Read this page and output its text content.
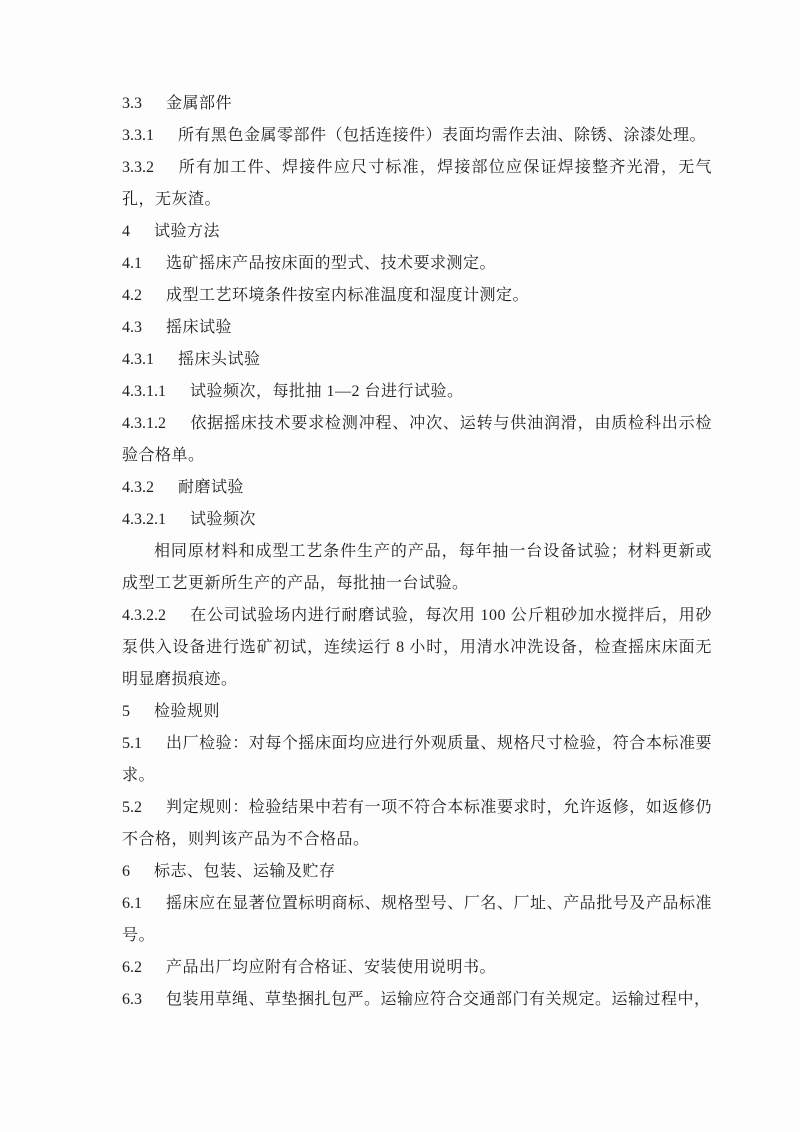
3.3 金属部件
3.3.1 所有黑色金属零部件（包括连接件）表面均需作去油、除锈、涂漆处理。
3.3.2 所有加工件、焊接件应尺寸标准，焊接部位应保证焊接整齐光滑，无气孔，无灰渣。
4 试验方法
4.1 选矿摇床产品按床面的型式、技术要求测定。
4.2 成型工艺环境条件按室内标准温度和湿度计测定。
4.3 摇床试验
4.3.1 摇床头试验
4.3.1.1 试验频次，每批抽 1—2 台进行试验。
4.3.1.2 依据摇床技术要求检测冲程、冲次、运转与供油润滑，由质检科出示检验合格单。
4.3.2 耐磨试验
4.3.2.1 试验频次
相同原材料和成型工艺条件生产的产品，每年抽一台设备试验；材料更新或成型工艺更新所生产的产品，每批抽一台试验。
4.3.2.2 在公司试验场内进行耐磨试验，每次用 100 公斤粗砂加水搅拌后，用砂泵供入设备进行选矿初试，连续运行 8 小时，用清水冲洗设备，检查摇床床面无明显磨损痕迹。
5 检验规则
5.1 出厂检验：对每个摇床面均应进行外观质量、规格尺寸检验，符合本标准要求。
5.2 判定规则：检验结果中若有一项不符合本标准要求时，允许返修，如返修仍不合格，则判该产品为不合格品。
6 标志、包装、运输及贮存
6.1 摇床应在显著位置标明商标、规格型号、厂名、厂址、产品批号及产品标准号。
6.2 产品出厂均应附有合格证、安装使用说明书。
6.3 包装用草绳、草垫捆扎包严。运输应符合交通部门有关规定。运输过程中，
